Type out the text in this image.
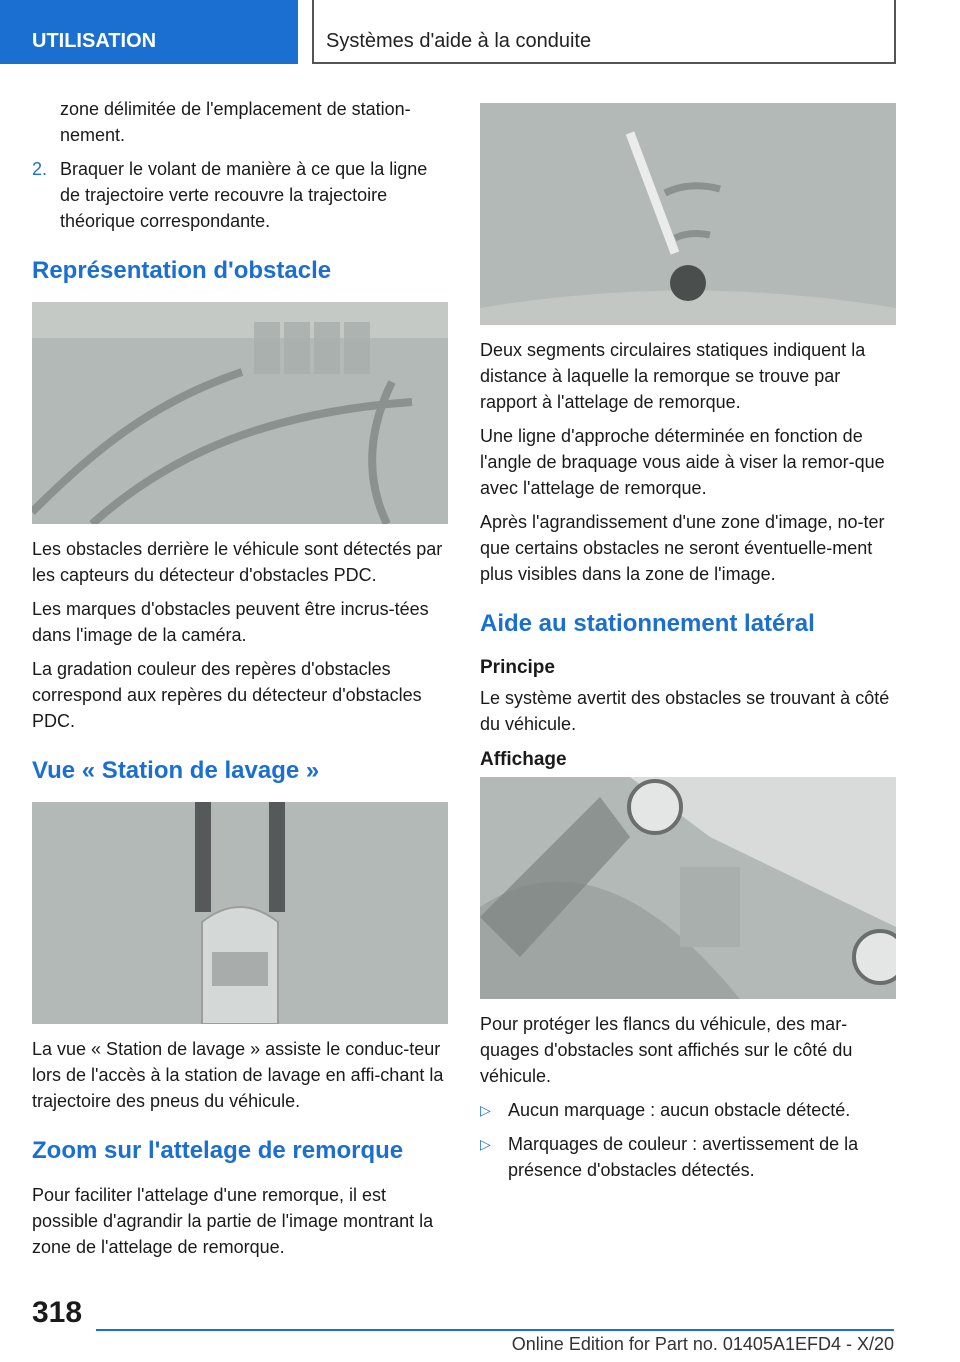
UTILISATION	Systèmes d'aide à la conduite

zone délimitée de l'emplacement de station-nement.

2. Braquer le volant de manière à ce que la ligne de trajectoire verte recouvre la trajectoire théorique correspondante.
Représentation d'obstacle

Les obstacles derrière le véhicule sont détectés par les capteurs du détecteur d'obstacles PDC.

Les marques d'obstacles peuvent être incrus-tées dans l'image de la caméra.

La gradation couleur des repères d'obstacles correspond aux repères du détecteur d'obstacles PDC.

Vue « Station de lavage »

La vue « Station de lavage » assiste le conduc-teur lors de l'accès à la station de lavage en affi-chant la trajectoire des pneus du véhicule.

Zoom sur l'attelage de remorque

Pour faciliter l'attelage d'une remorque, il est possible d'agrandir la partie de l'image montrant la zone de l'attelage de remorque.

Deux segments circulaires statiques indiquent la distance à laquelle la remorque se trouve par rapport à l'attelage de remorque.

Une ligne d'approche déterminée en fonction de l'angle de braquage vous aide à viser la remor-que avec l'attelage de remorque.

Après l'agrandissement d'une zone d'image, no-ter que certains obstacles ne seront éventuelle-ment plus visibles dans la zone de l'image.

Aide au stationnement latéral
Principe

Le système avertit des obstacles se trouvant à côté du véhicule.

Affichage

Pour protéger les flancs du véhicule, des mar-quages d'obstacles sont affichés sur le côté du véhicule.

▷ Aucun marquage : aucun obstacle détecté.
▷ Marquages de couleur : avertissement de la présence d'obstacles détectés.
318
Online Edition for Part no. 01405A1EFD4 - X/20
